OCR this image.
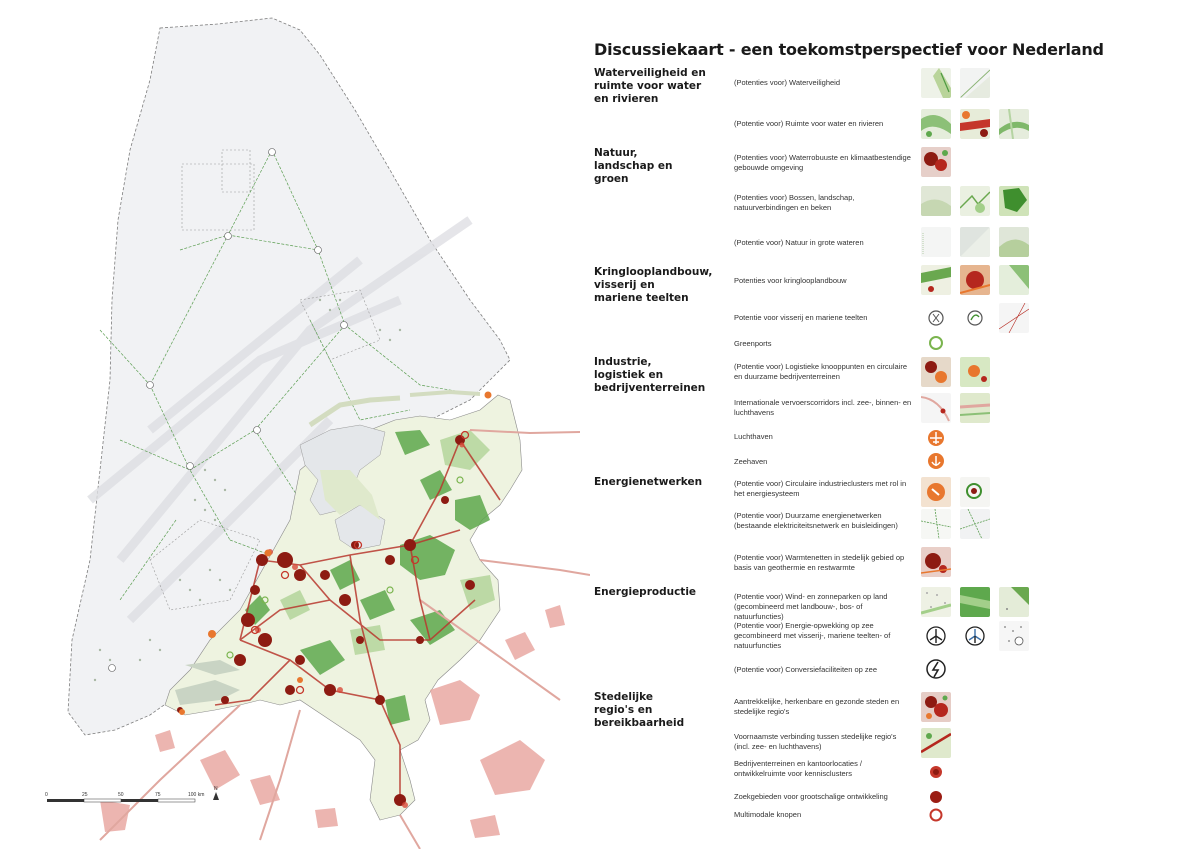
0	25	50	75	100 km
N
Discussiekaart - een toekomstperspectief voor Nederland
Waterveiligheid en ruimte voor water en rivieren
Natuur, landschap en groen
Kringlooplandbouw, visserij en mariene teelten
Industrie, logistiek en bedrijventerreinen
Energienetwerken
Energieproductie
Stedelijke regio's en bereikbaarheid
(Potenties voor) Waterveiligheid
(Potentie voor) Ruimte voor water en rivieren
(Potenties voor) Waterrobuuste en klimaatbestendige gebouwde omgeving
(Potenties voor) Bossen, landschap, natuurverbindingen en beken
(Potentie voor) Natuur in grote wateren
Potenties voor kringlooplandbouw
Potentie voor visserij en mariene teelten
Greenports
(Potentie voor) Logistieke knooppunten en circulaire en duurzame bedrijventerreinen
Internationale vervoerscorridors incl. zee-, binnen- en luchthavens
Luchthaven
Zeehaven
(Potentie voor) Circulaire industrieclusters met rol in het energiesysteem
(Potentie voor) Duurzame energienetwerken (bestaande elektriciteitsnetwerk en buisleidingen)
(Potentie voor) Warmtenetten in stedelijk gebied op basis van geothermie en restwarmte
(Potentie voor) Wind- en zonneparken op land (gecombineerd met landbouw-, bos- of natuurfuncties)
(Potentie voor) Energie-opwekking op zee gecombineerd met visserij-, mariene teelten- of natuurfuncties
(Potentie voor) Conversiefaciliteiten op zee
Aantrekkelijke, herkenbare en gezonde steden en stedelijke regio's
Voornaamste verbinding tussen stedelijke regio's (incl. zee- en luchthavens)
Bedrijventerreinen en kantoorlocaties / ontwikkelruimte voor kennisclusters
Zoekgebieden voor grootschalige ontwikkeling
Multimodale knopen
